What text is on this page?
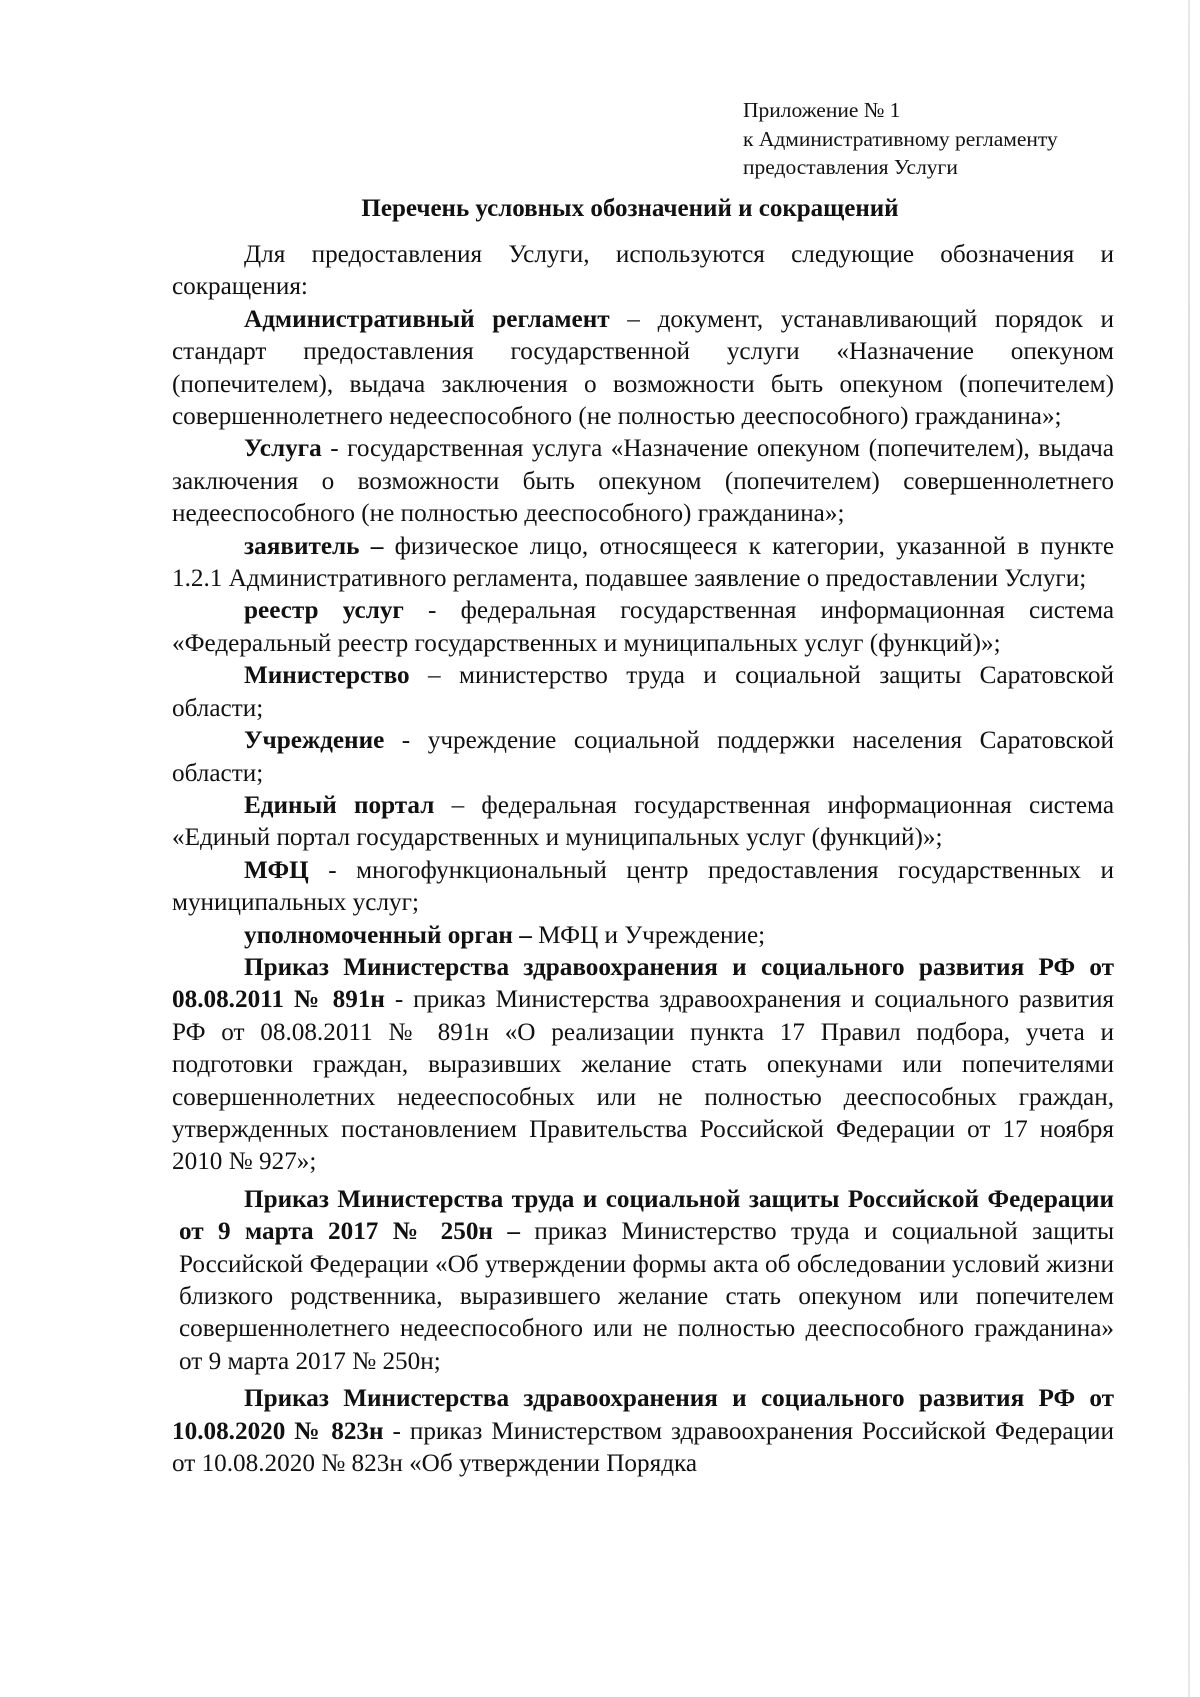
Приложение № 1
к Административному регламенту
предоставления Услуги
Перечень условных обозначений и сокращений

Для предоставления Услуги, используются следующие обозначения и сокращения:

Административный регламент – документ, устанавливающий порядок и стандарт предоставления государственной услуги «Назначение опекуном (попечителем), выдача заключения о возможности быть опекуном (попечителем) совершеннолетнего недееспособного (не полностью дееспособного) гражданина»;

Услуга - государственная услуга «Назначение опекуном (попечителем), выдача заключения о возможности быть опекуном (попечителем) совершеннолетнего недееспособного (не полностью дееспособного) гражданина»;

заявитель – физическое лицо, относящееся к категории, указанной в пункте 1.2.1 Административного регламента, подавшее заявление о предоставлении Услуги;

реестр услуг - федеральная государственная информационная система «Федеральный реестр государственных и муниципальных услуг (функций)»;

Министерство – министерство труда и социальной защиты Саратовской области;

Учреждение - учреждение социальной поддержки населения Саратовской области;

Единый портал – федеральная государственная информационная система «Единый портал государственных и муниципальных услуг (функций)»;

МФЦ - многофункциональный центр предоставления государственных и муниципальных услуг;

уполномоченный орган – МФЦ и Учреждение;

Приказ Министерства здравоохранения и социального развития РФ от 08.08.2011 № 891н - приказ Министерства здравоохранения и социального развития РФ от 08.08.2011 № 891н «О реализации пункта 17 Правил подбора, учета и подготовки граждан, выразивших желание стать опекунами или попечителями совершеннолетних недееспособных или не полностью дееспособных граждан, утвержденных постановлением Правительства Российской Федерации от 17 ноября 2010 № 927»;

Приказ Министерства труда и социальной защиты Российской Федерации от 9 марта 2017 № 250н – приказ Министерство труда и социальной защиты Российской Федерации «Об утверждении формы акта об обследовании условий жизни близкого родственника, выразившего желание стать опекуном или попечителем совершеннолетнего недееспособного или не полностью дееспособного гражданина» от 9 марта 2017 № 250н;

Приказ Министерства здравоохранения и социального развития РФ от 10.08.2020 № 823н - приказ Министерством здравоохранения Российской Федерации от 10.08.2020 № 823н «Об утверждении Порядка
